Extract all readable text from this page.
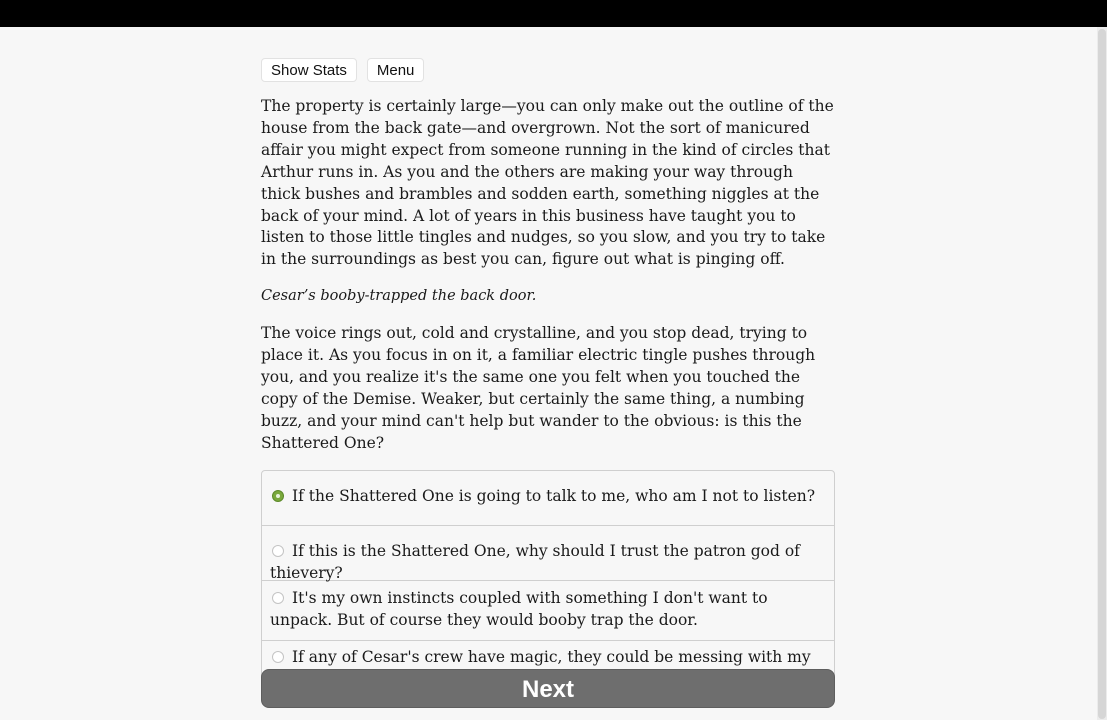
Show Stats	Menu

The property is certainly large—you can only make out the outline of the house from the back gate—and overgrown. Not the sort of manicured affair you might expect from someone running in the kind of circles that Arthur runs in. As you and the others are making your way through thick bushes and brambles and sodden earth, something niggles at the back of your mind. A lot of years in this business have taught you to listen to those little tingles and nudges, so you slow, and you try to take in the surroundings as best you can, figure out what is pinging off.

Cesar’s booby-trapped the back door.

The voice rings out, cold and crystalline, and you stop dead, trying to place it. As you focus in on it, a familiar electric tingle pushes through you, and you realize it's the same one you felt when you touched the copy of the Demise. Weaker, but certainly the same thing, a numbing buzz, and your mind can't help but wander to the obvious: is this the Shattered One?

If the Shattered One is going to talk to me, who am I not to listen?
If this is the Shattered One, why should I trust the patron god of thievery?
It's my own instincts coupled with something I don't want to unpack. But of course they would booby trap the door.
If any of Cesar's crew have magic, they could be messing with my
Next
